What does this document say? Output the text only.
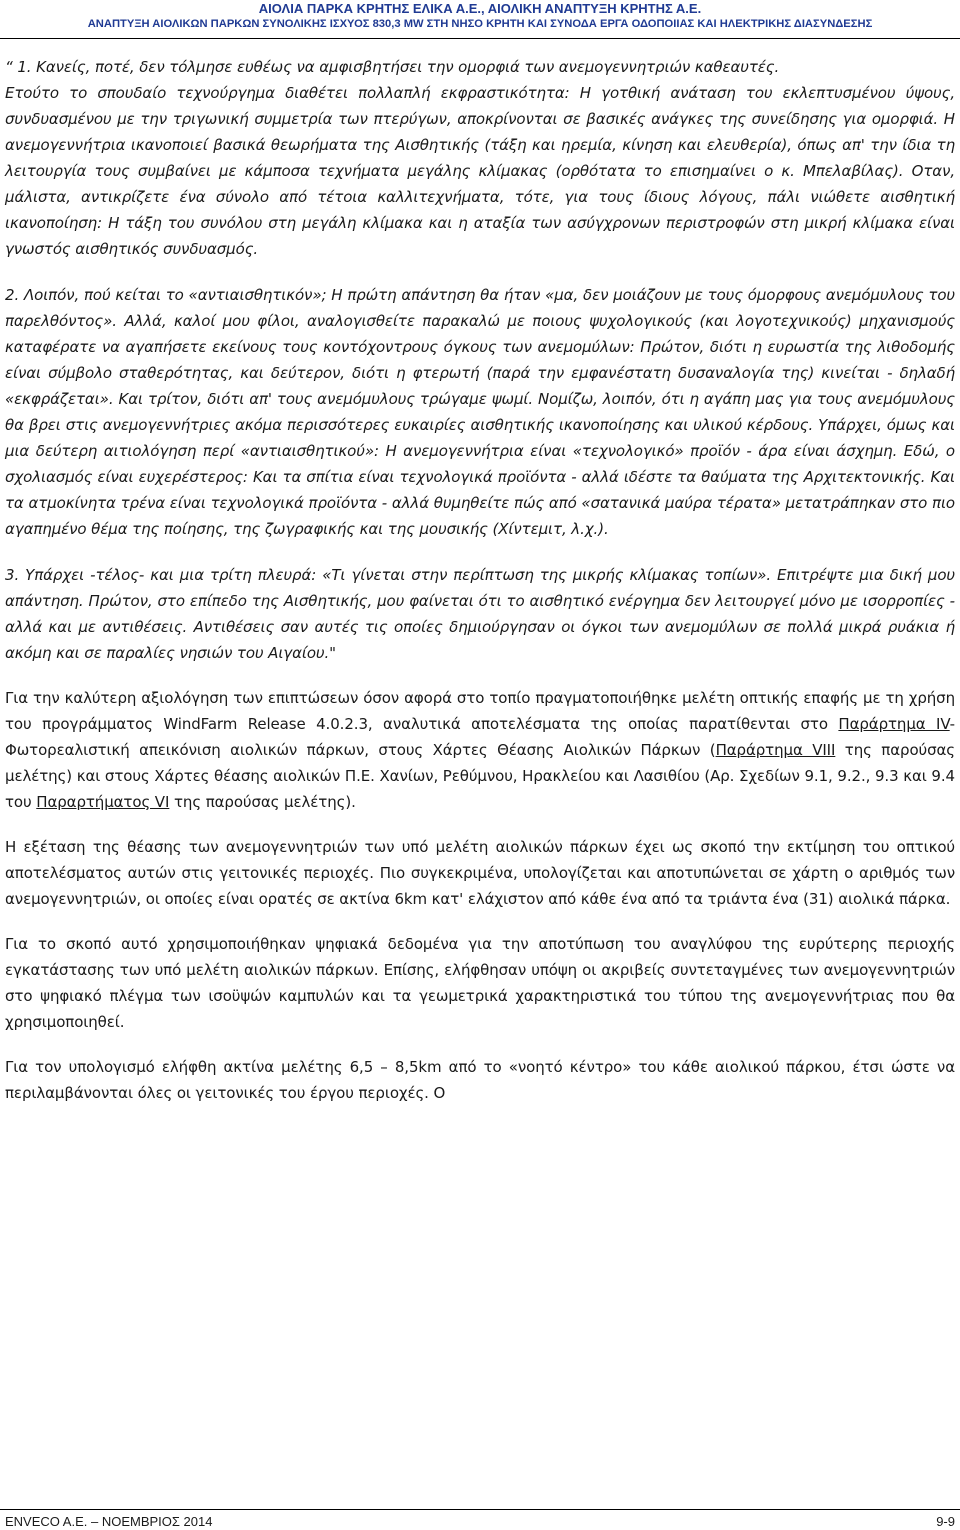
ΑΙΟΛΙΑ ΠΑΡΚΑ ΚΡΗΤΗΣ ΕΛΙΚΑ Α.Ε., ΑΙΟΛΙΚΗ ΑΝΑΠΤΥΞΗ ΚΡΗΤΗΣ Α.Ε.
ΑΝΑΠΤΥΞΗ ΑΙΟΛΙΚΩΝ ΠΑΡΚΩΝ ΣΥΝΟΛΙΚΗΣ ΙΣΧΥΟΣ 830,3 MW ΣΤΗ ΝΗΣΟ ΚΡΗΤΗ ΚΑΙ ΣΥΝΟΔΑ ΕΡΓΑ ΟΔΟΠΟΙΙΑΣ ΚΑΙ ΗΛΕΚΤΡΙΚΗΣ ΔΙΑΣΥΝΔΕΣΗΣ

“ 1. Κανείς, ποτέ, δεν τόλμησε ευθέως να αμφισβητήσει την ομορφιά των ανεμογεννητριών καθεαυτές.

Ετούτο το σπουδαίο τεχνούργημα διαθέτει πολλαπλή εκφραστικότητα: Η γοτθική ανάταση του εκλεπτυσμένου ύψους, συνδυασμένου με την τριγωνική συμμετρία των πτερύγων, αποκρίνονται σε βασικές ανάγκες της συνείδησης για ομορφιά. Η ανεμογεννήτρια ικανοποιεί βασικά θεωρήματα της Αισθητικής (τάξη και ηρεμία, κίνηση και ελευθερία), όπως απ' την ίδια τη λειτουργία τους συμβαίνει με κάμποσα τεχνήματα μεγάλης κλίμακας (ορθότατα το επισημαίνει ο κ. Μπελαβίλας). Οταν, μάλιστα, αντικρίζετε ένα σύνολο από τέτοια καλλιτεχνήματα, τότε, για τους ίδιους λόγους, πάλι νιώθετε αισθητική ικανοποίηση: Η τάξη του συνόλου στη μεγάλη κλίμακα και η αταξία των ασύγχρονων περιστροφών στη μικρή κλίμακα είναι γνωστός αισθητικός συνδυασμός.

2. Λοιπόν, πού κείται το «αντιαισθητικόν»; Η πρώτη απάντηση θα ήταν «μα, δεν μοιάζουν με τους όμορφους ανεμόμυλους του παρελθόντος». Αλλά, καλοί μου φίλοι, αναλογισθείτε παρακαλώ με ποιους ψυχολογικούς (και λογοτεχνικούς) μηχανισμούς καταφέρατε να αγαπήσετε εκείνους τους κοντόχοντρους όγκους των ανεμομύλων: Πρώτον, διότι η ευρωστία της λιθοδομής είναι σύμβολο σταθερότητας, και δεύτερον, διότι η φτερωτή (παρά την εμφανέστατη δυσαναλογία της) κινείται - δηλαδή «εκφράζεται». Και τρίτον, διότι απ' τους ανεμόμυλους τρώγαμε ψωμί. Νομίζω, λοιπόν, ότι η αγάπη μας για τους ανεμόμυλους θα βρει στις ανεμογεννήτριες ακόμα περισσότερες ευκαιρίες αισθητικής ικανοποίησης και υλικού κέρδους. Υπάρχει, όμως και μια δεύτερη αιτιολόγηση περί «αντιαισθητικού»: Η ανεμογεννήτρια είναι «τεχνολογικό» προϊόν - άρα είναι άσχημη. Εδώ, ο σχολιασμός είναι ευχερέστερος: Και τα σπίτια είναι τεχνολογικά προϊόντα - αλλά ιδέστε τα θαύματα της Αρχιτεκτονικής. Και τα ατμοκίνητα τρένα είναι τεχνολογικά προϊόντα - αλλά θυμηθείτε πώς από «σατανικά μαύρα τέρατα» μετατράπηκαν στο πιο αγαπημένο θέμα της ποίησης, της ζωγραφικής και της μουσικής (Χίντεμιτ, λ.χ.).

3. Υπάρχει -τέλος- και μια τρίτη πλευρά: «Τι γίνεται στην περίπτωση της μικρής κλίμακας τοπίων». Επιτρέψτε μια δική μου απάντηση. Πρώτον, στο επίπεδο της Αισθητικής, μου φαίνεται ότι το αισθητικό ενέργημα δεν λειτουργεί μόνο με ισορροπίες - αλλά και με αντιθέσεις. Αντιθέσεις σαν αυτές τις οποίες δημιούργησαν οι όγκοι των ανεμομύλων σε πολλά μικρά ρυάκια ή ακόμη και σε παραλίες νησιών του Αιγαίου."

Για την καλύτερη αξιολόγηση των επιπτώσεων όσον αφορά στο τοπίο πραγματοποιήθηκε μελέτη οπτικής επαφής με τη χρήση του προγράμματος WindFarm Release 4.0.2.3, αναλυτικά αποτελέσματα της οποίας παρατίθενται στο Παράρτημα IV- Φωτορεαλιστική απεικόνιση αιολικών πάρκων, στους Χάρτες Θέασης Αιολικών Πάρκων (Παράρτημα VIII της παρούσας μελέτης) και στους Χάρτες θέασης αιολικών Π.Ε. Χανίων, Ρεθύμνου, Ηρακλείου και Λασιθίου (Αρ. Σχεδίων 9.1, 9.2., 9.3 και 9.4 του Παραρτήματος VI της παρούσας μελέτης).

Η εξέταση της θέασης των ανεμογεννητριών των υπό μελέτη αιολικών πάρκων έχει ως σκοπό την εκτίμηση του οπτικού αποτελέσματος αυτών στις γειτονικές περιοχές. Πιο συγκεκριμένα, υπολογίζεται και αποτυπώνεται σε χάρτη ο αριθμός των ανεμογεννητριών, οι οποίες είναι ορατές σε ακτίνα 6km κατ' ελάχιστον από κάθε ένα από τα τριάντα ένα (31) αιολικά πάρκα.

Για το σκοπό αυτό χρησιμοποιήθηκαν ψηφιακά δεδομένα για την αποτύπωση του αναγλύφου της ευρύτερης περιοχής εγκατάστασης των υπό μελέτη αιολικών πάρκων. Επίσης, ελήφθησαν υπόψη οι ακριβείς συντεταγμένες των ανεμογεννητριών στο ψηφιακό πλέγμα των ισοϋψών καμπυλών και τα γεωμετρικά χαρακτηριστικά του τύπου της ανεμογεννήτριας που θα χρησιμοποιηθεί.

Για τον υπολογισμό ελήφθη ακτίνα μελέτης 6,5 – 8,5km από το «νοητό κέντρο» του κάθε αιολικού πάρκου, έτσι ώστε να περιλαμβάνονται όλες οι γειτονικές του έργου περιοχές. Ο

ENVECO A.E. – ΝΟΕΜΒΡΙΟΣ 2014	9-9
